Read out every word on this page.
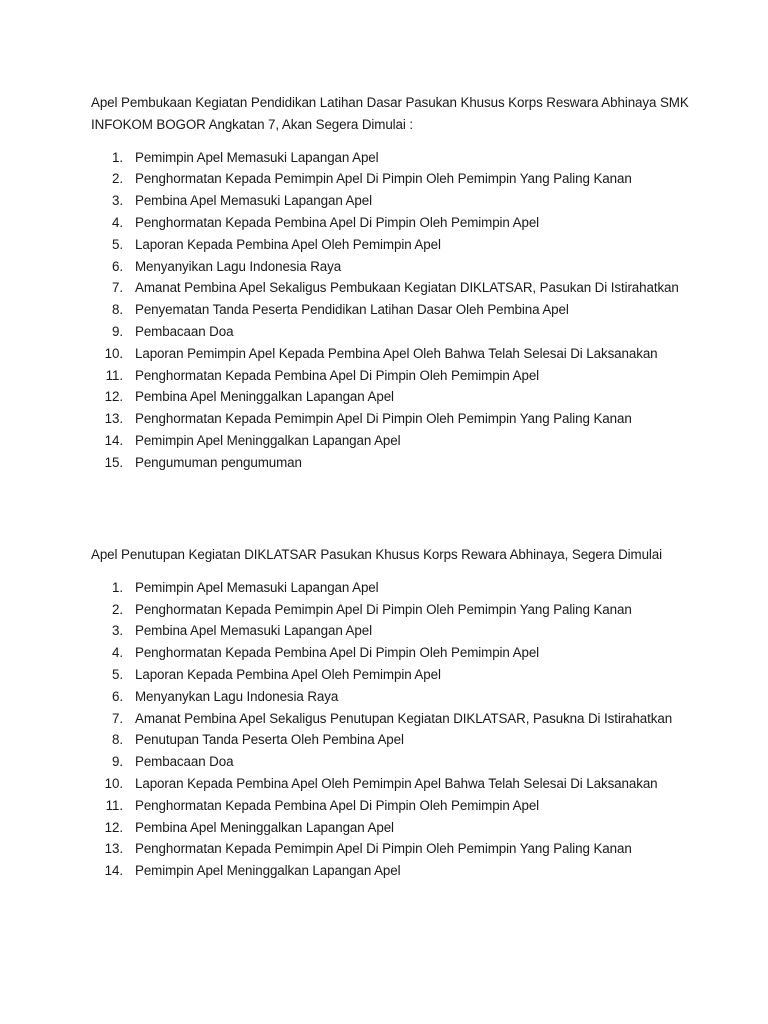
Apel Pembukaan Kegiatan Pendidikan Latihan Dasar Pasukan Khusus Korps Reswara Abhinaya SMK INFOKOM BOGOR Angkatan 7, Akan Segera Dimulai :

1. Pemimpin Apel Memasuki Lapangan Apel
2. Penghormatan Kepada Pemimpin Apel Di Pimpin Oleh Pemimpin Yang Paling Kanan
3. Pembina Apel Memasuki Lapangan Apel
4. Penghormatan Kepada Pembina Apel Di Pimpin Oleh Pemimpin Apel
5. Laporan Kepada Pembina Apel Oleh Pemimpin Apel
6. Menyanyikan Lagu Indonesia Raya
7. Amanat Pembina Apel Sekaligus Pembukaan Kegiatan DIKLATSAR, Pasukan Di Istirahatkan
8. Penyematan Tanda Peserta Pendidikan Latihan Dasar Oleh Pembina Apel
9. Pembacaan Doa
10. Laporan Pemimpin Apel Kepada Pembina Apel Oleh Bahwa Telah Selesai Di Laksanakan
11. Penghormatan Kepada Pembina Apel Di Pimpin Oleh Pemimpin Apel
12. Pembina Apel Meninggalkan Lapangan Apel
13. Penghormatan Kepada Pemimpin Apel Di Pimpin Oleh Pemimpin Yang Paling Kanan
14. Pemimpin Apel Meninggalkan Lapangan Apel
15. Pengumuman pengumuman

Apel Penutupan Kegiatan DIKLATSAR Pasukan Khusus Korps Rewara Abhinaya, Segera Dimulai

1. Pemimpin Apel Memasuki Lapangan Apel
2. Penghormatan Kepada Pemimpin Apel Di Pimpin Oleh Pemimpin Yang Paling Kanan
3. Pembina Apel Memasuki Lapangan Apel
4. Penghormatan Kepada Pembina Apel Di Pimpin Oleh Pemimpin Apel
5. Laporan Kepada Pembina Apel Oleh Pemimpin Apel
6. Menyanykan Lagu Indonesia Raya
7. Amanat Pembina Apel Sekaligus Penutupan Kegiatan DIKLATSAR, Pasukna Di Istirahatkan
8. Penutupan Tanda Peserta Oleh Pembina Apel
9. Pembacaan Doa
10. Laporan Kepada Pembina Apel Oleh Pemimpin Apel Bahwa Telah Selesai Di Laksanakan
11. Penghormatan Kepada Pembina Apel Di Pimpin Oleh Pemimpin Apel
12. Pembina Apel Meninggalkan Lapangan Apel
13. Penghormatan Kepada Pemimpin Apel Di Pimpin Oleh Pemimpin Yang Paling Kanan
14. Pemimpin Apel Meninggalkan Lapangan Apel
